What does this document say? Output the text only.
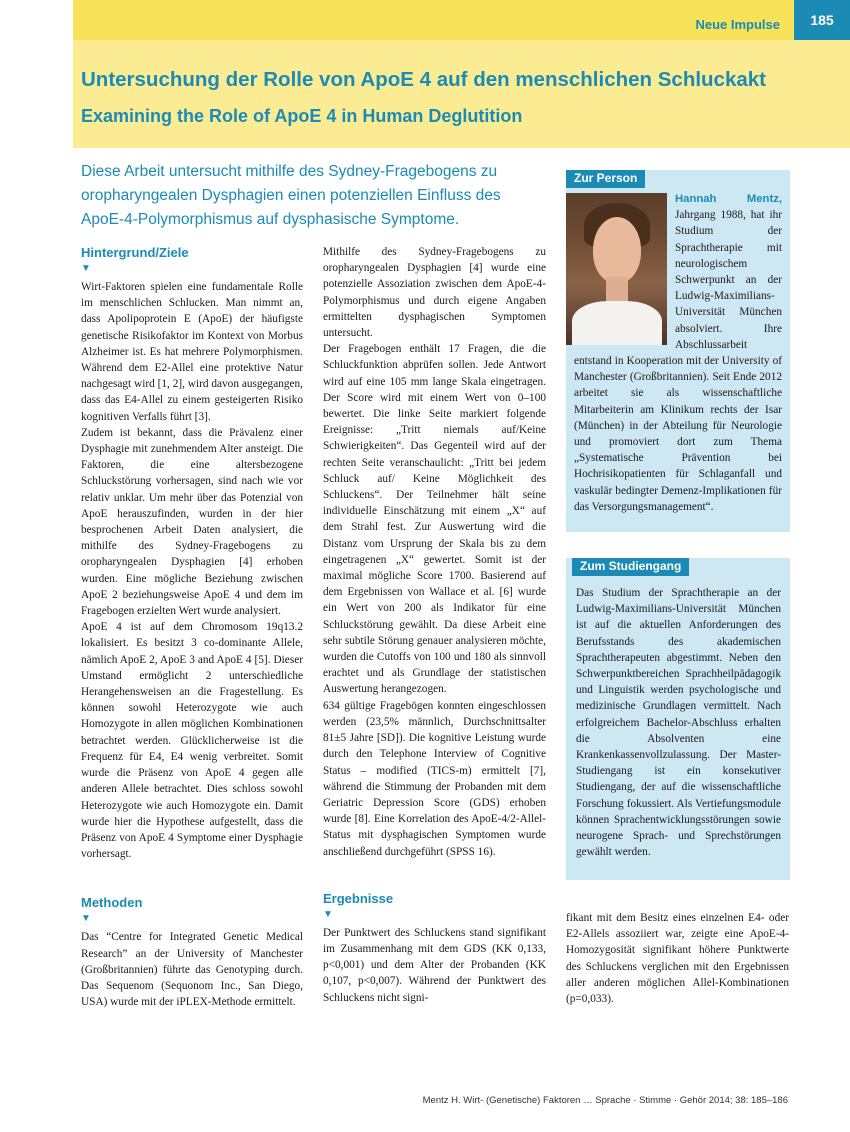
Neue Impulse	185
Untersuchung der Rolle von ApoE 4 auf den menschlichen Schluckakt
Examining the Role of ApoE 4 in Human Deglutition
Diese Arbeit untersucht mithilfe des Sydney-Fragebogens zu oropharyngealen Dysphagien einen potenziellen Einfluss des ApoE-4-Polymorphismus auf dysphasische Symptome.
Hintergrund/Ziele
▼

Wirt-Faktoren spielen eine fundamentale Rolle im menschlichen Schlucken. Man nimmt an, dass Apolipoprotein E (ApoE) der häufigste genetische Risikofaktor im Kontext von Morbus Alzheimer ist. Es hat mehrere Polymorphismen. Während dem E2-Allel eine protektive Natur nachgesagt wird [1, 2], wird davon ausgegangen, dass das E4-Allel zu einem gesteigerten Risiko kognitiven Verfalls führt [3].

Zudem ist bekannt, dass die Prävalenz einer Dysphagie mit zunehmendem Alter ansteigt. Die Faktoren, die eine altersbezogene Schluckstörung vorhersagen, sind nach wie vor relativ unklar. Um mehr über das Potenzial von ApoE herauszufinden, wurden in der hier besprochenen Arbeit Daten analysiert, die mithilfe des Sydney-Fragebogens zu oropharyngealen Dysphagien [4] erhoben wurden. Eine mögliche Beziehung zwischen ApoE 2 beziehungsweise ApoE 4 und dem im Fragebogen erzielten Wert wurde analysiert.

ApoE 4 ist auf dem Chromosom 19q13.2 lokalisiert. Es besitzt 3 co-dominante Allele, nämlich ApoE 2, ApoE 3 and ApoE 4 [5]. Dieser Umstand ermöglicht 2 unterschiedliche Herangehensweisen an die Fragestellung. Es können sowohl Heterozygote wie auch Homozygote in allen möglichen Kombinationen betrachtet werden. Glücklicherweise ist die Frequenz für E4, E4 wenig verbreitet. Somit wurde die Präsenz von ApoE 4 gegen alle anderen Allele betrachtet. Dies schloss sowohl Heterozygote wie auch Homozygote ein. Damit wurde hier die Hypothese aufgestellt, dass die Präsenz von ApoE 4 Symptome einer Dysphagie vorhersagt.

Methoden
▼

Das “Centre for Integrated Genetic Medical Research” an der University of Manchester (Großbritannien) führte das Genotyping durch. Das Sequenom (Sequonom Inc., San Diego, USA) wurde mit der iPLEX-Methode ermittelt.

Mithilfe des Sydney-Fragebogens zu oropharyngealen Dysphagien [4] wurde eine potenzielle Assoziation zwischen dem ApoE-4-Polymorphismus und durch eigene Angaben ermittelten dysphagischen Symptomen untersucht.

Der Fragebogen enthält 17 Fragen, die die Schluckfunktion abprüfen sollen. Jede Antwort wird auf eine 105 mm lange Skala eingetragen. Der Score wird mit einem Wert von 0–100 bewertet. Die linke Seite markiert folgende Ereignisse: „Tritt niemals auf/Keine Schwierigkeiten“. Das Gegenteil wird auf der rechten Seite veranschaulicht: „Tritt bei jedem Schluck auf/ Keine Möglichkeit des Schluckens“. Der Teilnehmer hält seine individuelle Einschätzung mit einem „X“ auf dem Strahl fest. Zur Auswertung wird die Distanz vom Ursprung der Skala bis zu dem eingetragenen „X“ gewertet. Somit ist der maximal mögliche Score 1700. Basierend auf dem Ergebnissen von Wallace et al. [6] wurde ein Wert von 200 als Indikator für eine Schluckstörung gewählt. Da diese Arbeit eine sehr subtile Störung genauer analysieren möchte, wurden die Cutoffs von 100 und 180 als sinnvoll erachtet und als Grundlage der statistischen Auswertung herangezogen.

634 gültige Fragebögen konnten eingeschlossen werden (23,5% männlich, Durchschnittsalter 81±5 Jahre [SD]). Die kognitive Leistung wurde durch den Telephone Interview of Cognitive Status – modified (TICS-m) ermittelt [7], während die Stimmung der Probanden mit dem Geriatric Depression Score (GDS) erhoben wurde [8]. Eine Korrelation des ApoE-4/2-Allel-Status mit dysphagischen Symptomen wurde anschließend durchgeführt (SPSS 16).

Ergebnisse
▼

Der Punktwert des Schluckens stand signifikant im Zusammenhang mit dem GDS (KK 0,133, p<0,001) und dem Alter der Probanden (KK 0,107, p<0,007). Während der Punktwert des Schluckens nicht signi-

fikant mit dem Besitz eines einzelnen E4- oder E2-Allels assoziiert war, zeigte eine ApoE-4-Homozygosität signifikant höhere Punktwerte des Schluckens verglichen mit den Ergebnissen aller anderen möglichen Allel-Kombinationen (p=0,033).

Zur Person
Hannah Mentz, Jahrgang 1988, hat ihr Studium der Sprachtherapie mit neurologischem Schwerpunkt an der Ludwig-Maximilians-Universität München absolviert. Ihre Abschlussarbeit entstand in Kooperation mit der University of Manchester (Großbritannien). Seit Ende 2012 arbeitet sie als wissenschaftliche Mitarbeiterin am Klinikum rechts der Isar (München) in der Abteilung für Neurologie und promoviert dort zum Thema „Systematische Prävention bei Hochrisikopatienten für Schlaganfall und vaskulär bedingter Demenz-Implikationen für das Versorgungsmanagement“.
Zum Studiengang
Das Studium der Sprachtherapie an der Ludwig-Maximilians-Universität München ist auf die aktuellen Anforderungen des Berufsstands des akademischen Sprachtherapeuten abgestimmt. Neben den Schwerpunktbereichen Sprachheilpädagogik und Linguistik werden psychologische und medizinische Grundlagen vermittelt. Nach erfolgreichem Bachelor-Abschluss erhalten die Absolventen eine Krankenkassenvollzulassung. Der Master-Studiengang ist ein konsekutiver Studiengang, der auf die wissenschaftliche Forschung fokussiert. Als Vertiefungsmodule können Sprachentwicklungsstörungen sowie neurogene Sprach- und Sprechstörungen gewählt werden.
Mentz H. Wirt- (Genetische) Faktoren … Sprache · Stimme · Gehör 2014; 38: 185–186
